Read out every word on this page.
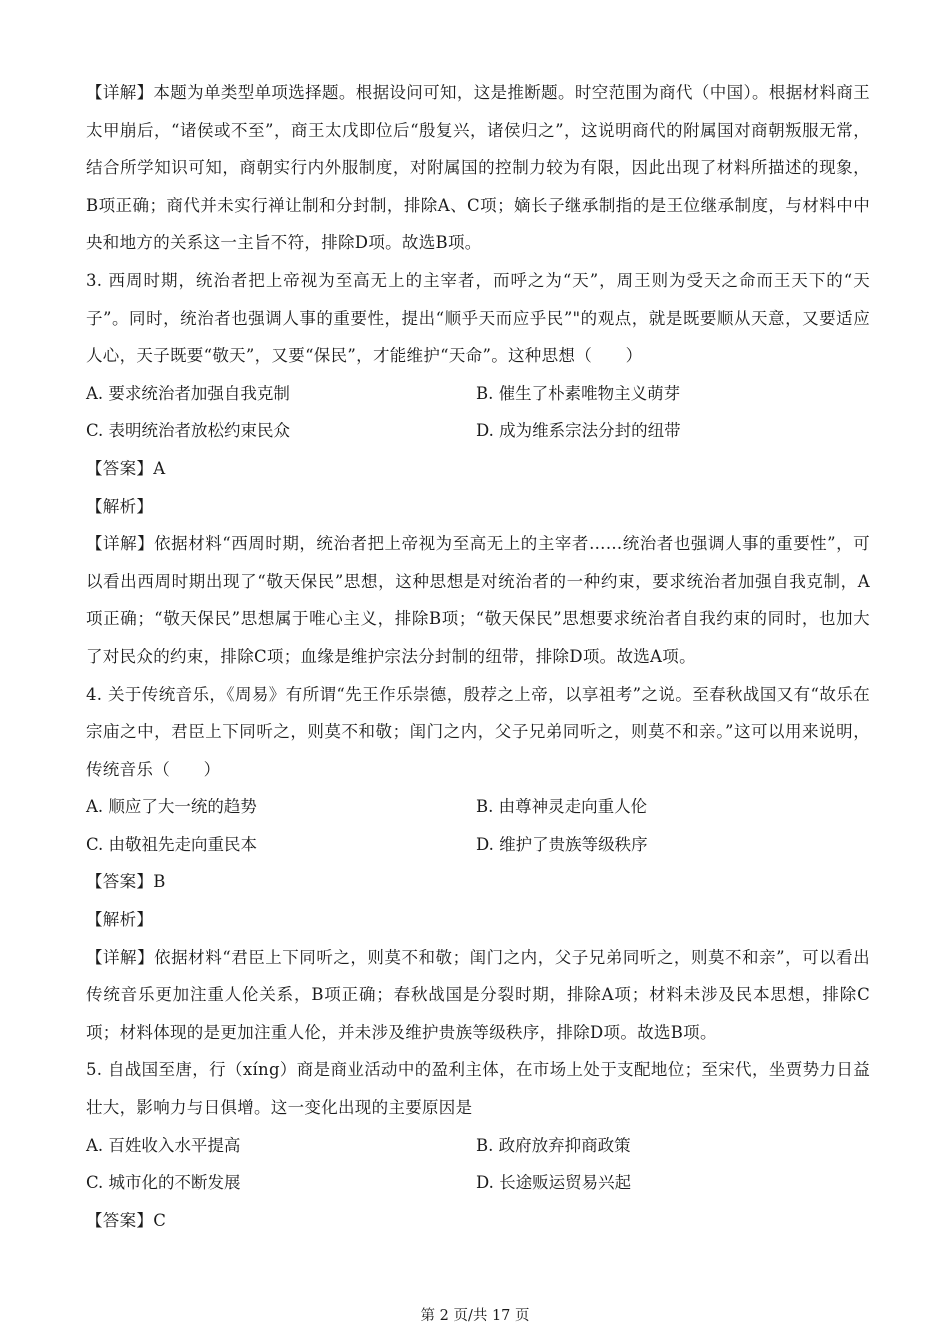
【详解】本题为单类型单项选择题。根据设问可知，这是推断题。时空范围为商代（中国）。根据材料商王太甲崩后，“诸侯或不至”，商王太戊即位后“殷复兴，诸侯归之”，这说明商代的附属国对商朝叛服无常，结合所学知识可知，商朝实行内外服制度，对附属国的控制力较为有限，因此出现了材料所描述的现象，B项正确；商代并未实行禅让制和分封制，排除A、C项；嫡长子继承制指的是王位继承制度，与材料中中央和地方的关系这一主旨不符，排除D项。故选B项。
3. 西周时期，统治者把上帝视为至高无上的主宰者，而呼之为“天”，周王则为受天之命而王天下的“天子”。同时，统治者也强调人事的重要性，提出“顺乎天而应乎民”"的观点，就是既要顺从天意，又要适应人心，天子既要“敬天”，又要“保民”，才能维护“天命”。这种思想（　　）
A. 要求统治者加强自我克制	B. 催生了朴素唯物主义萌芽
C. 表明统治者放松约束民众	D. 成为维系宗法分封的纽带
【答案】A
【解析】
【详解】依据材料“西周时期，统治者把上帝视为至高无上的主宰者……统治者也强调人事的重要性”，可以看出西周时期出现了“敬天保民”思想，这种思想是对统治者的一种约束，要求统治者加强自我克制，A项正确；“敬天保民”思想属于唯心主义，排除B项；“敬天保民”思想要求统治者自我约束的同时，也加大了对民众的约束，排除C项；血缘是维护宗法分封制的纽带，排除D项。故选A项。
4. 关于传统音乐，《周易》有所谓“先王作乐崇德，殷荐之上帝，以享祖考”之说。至春秋战国又有“故乐在宗庙之中，君臣上下同听之，则莫不和敬；闺门之内，父子兄弟同听之，则莫不和亲。”这可以用来说明，传统音乐（　　）
A. 顺应了大一统的趋势	B. 由尊神灵走向重人伦
C. 由敬祖先走向重民本	D. 维护了贵族等级秩序
【答案】B
【解析】
【详解】依据材料“君臣上下同听之，则莫不和敬；闺门之内，父子兄弟同听之，则莫不和亲”，可以看出传统音乐更加注重人伦关系，B项正确；春秋战国是分裂时期，排除A项；材料未涉及民本思想，排除C项；材料体现的是更加注重人伦，并未涉及维护贵族等级秩序，排除D项。故选B项。
5. 自战国至唐，行（xíng）商是商业活动中的盈利主体，在市场上处于支配地位；至宋代，坐贾势力日益壮大，影响力与日俱增。这一变化出现的主要原因是
A. 百姓收入水平提高	B. 政府放弃抑商政策
C. 城市化的不断发展	D. 长途贩运贸易兴起
【答案】C
第 2 页/共 17 页
